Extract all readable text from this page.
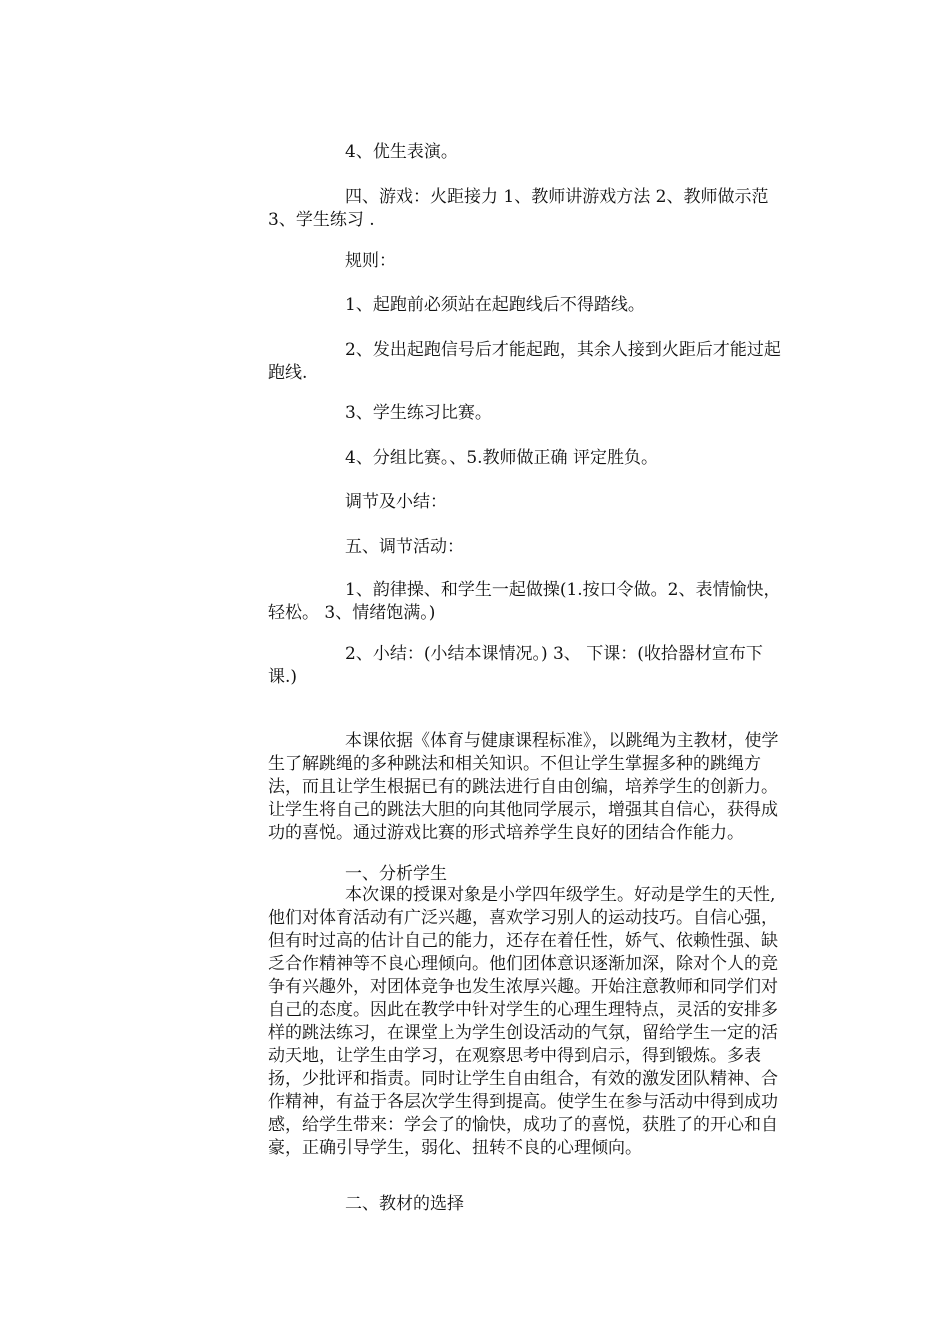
4、优生表演。

四、游戏：火距接力 1、教师讲游戏方法 2、教师做示范 3、学生练习 .

规则：

1、起跑前必须站在起跑线后不得踏线。

2、发出起跑信号后才能起跑，其余人接到火距后才能过起跑线.

3、学生练习比赛。

4、分组比赛。、5.教师做正确 评定胜负。

调节及小结：

五、调节活动：

1、韵律操、和学生一起做操(1.按口令做。2、表情愉快， 轻松。 3、情绪饱满。)

2、小结：(小结本课情况。) 3、 下课：(收拾器材宣布下课.)

本课依据《体育与健康课程标准》，以跳绳为主教材，使学生了解跳绳的多种跳法和相关知识。不但让学生掌握多种的跳绳方法，而且让学生根据已有的跳法进行自由创编，培养学生的创新力。让学生将自己的跳法大胆的向其他同学展示，增强其自信心，获得成功的喜悦。通过游戏比赛的形式培养学生良好的团结合作能力。

一、分析学生

本次课的授课对象是小学四年级学生。好动是学生的天性,他们对体育活动有广泛兴趣，喜欢学习别人的运动技巧。自信心强，但有时过高的估计自己的能力，还存在着任性，娇气、依赖性强、缺乏合作精神等不良心理倾向。他们团体意识逐渐加深，除对个人的竞争有兴趣外，对团体竞争也发生浓厚兴趣。开始注意教师和同学们对自己的态度。因此在教学中针对学生的心理生理特点，灵活的安排多样的跳法练习，在课堂上为学生创设活动的气氛，留给学生一定的活动天地，让学生由学习，在观察思考中得到启示，得到锻炼。多表扬，少批评和指责。同时让学生自由组合，有效的激发团队精神、合作精神，有益于各层次学生得到提高。使学生在参与活动中得到成功感，给学生带来：学会了的愉快，成功了的喜悦，获胜了的开心和自豪，正确引导学生，弱化、扭转不良的心理倾向。

二、教材的选择
